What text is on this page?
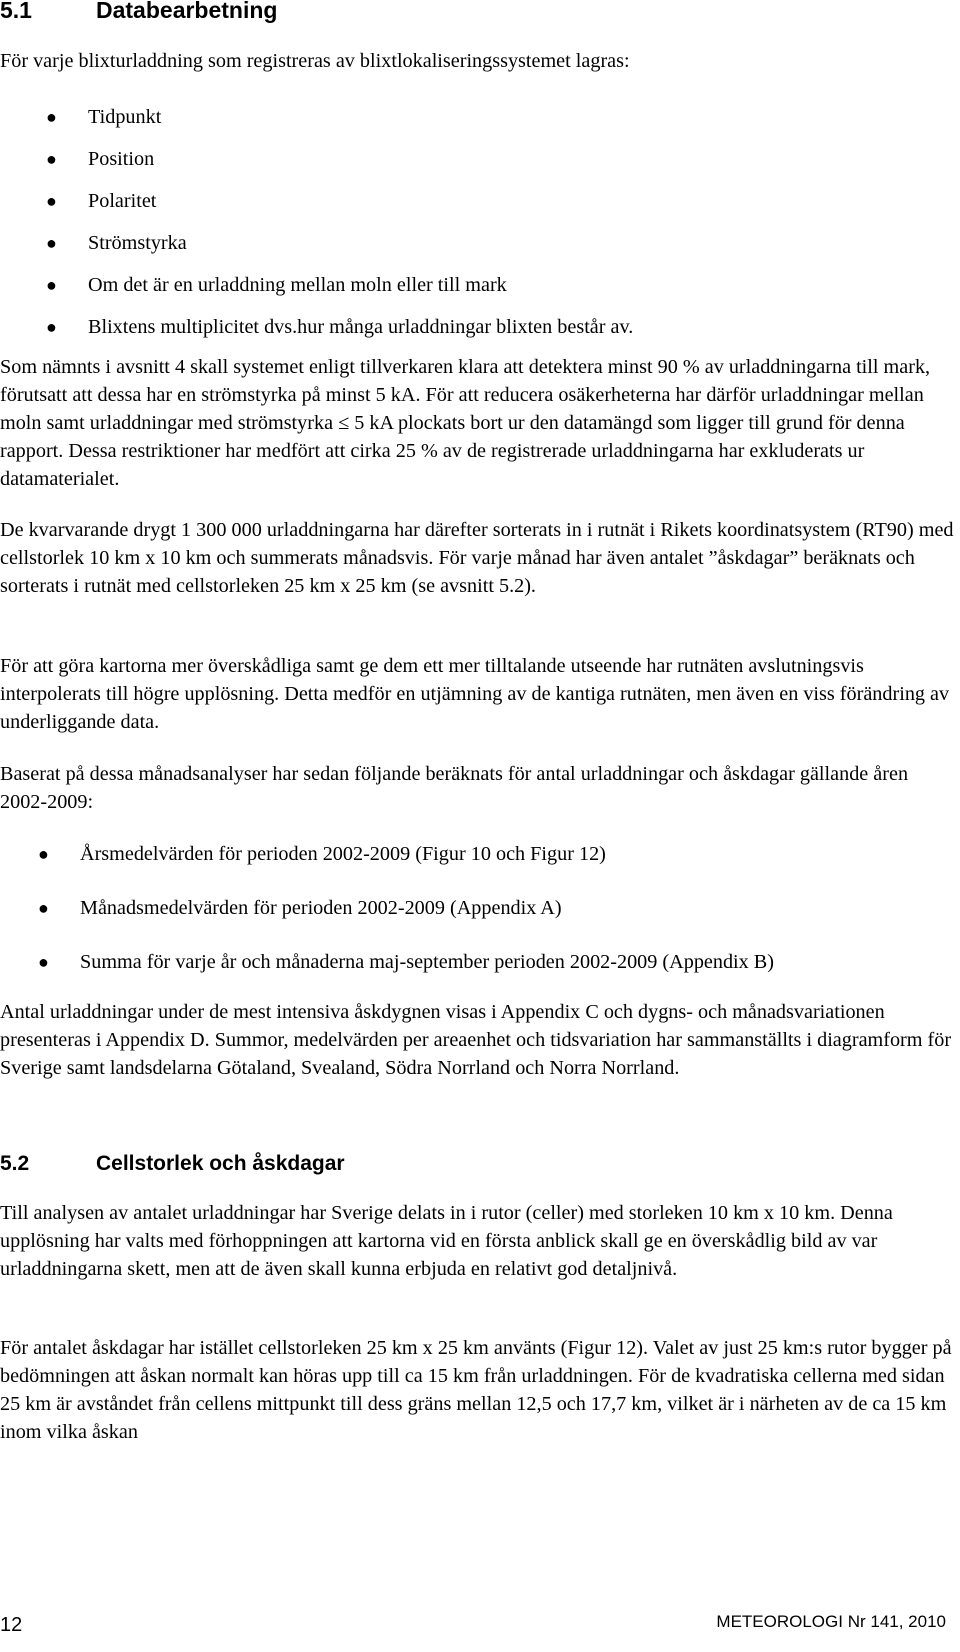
5.1	Databearbetning

För varje blixturladdning som registreras av blixtlokaliseringssystemet lagras:

● Tidpunkt
● Position
● Polaritet
● Strömstyrka
● Om det är en urladdning mellan moln eller till mark
● Blixtens multiplicitet dvs.hur många urladdningar blixten består av.

Som nämnts i avsnitt 4 skall systemet enligt tillverkaren klara att detektera minst 90 % av urladdningarna till mark, förutsatt att dessa har en strömstyrka på minst 5 kA. För att reducera osäkerheterna har därför urladdningar mellan moln samt urladdningar med strömstyrka ≤ 5 kA plockats bort ur den datamängd som ligger till grund för denna rapport. Dessa restriktioner har medfört att cirka 25 % av de registrerade urladdningarna har exkluderats ur datamaterialet.

De kvarvarande drygt 1 300 000 urladdningarna har därefter sorterats in i rutnät i Rikets koordinatsystem (RT90) med cellstorlek 10 km x 10 km och summerats månadsvis. För varje månad har även antalet ”åskdagar” beräknats och sorterats i rutnät med cellstorleken 25 km x 25 km (se avsnitt 5.2).

För att göra kartorna mer överskådliga samt ge dem ett mer tilltalande utseende har rutnäten avslutningsvis interpolerats till högre upplösning. Detta medför en utjämning av de kantiga rutnäten, men även en viss förändring av underliggande data.

Baserat på dessa månadsanalyser har sedan följande beräknats för antal urladdningar och åskdagar gällande åren 2002-2009:

● Årsmedelvärden för perioden 2002-2009 (Figur 10 och Figur 12)
● Månadsmedelvärden för perioden 2002-2009 (Appendix A)
● Summa för varje år och månaderna maj-september perioden 2002-2009 (Appendix B)

Antal urladdningar under de mest intensiva åskdygnen visas i Appendix C och dygns- och månadsvariationen presenteras i Appendix D. Summor, medelvärden per areaenhet och tidsvariation har sammanställts i diagramform för Sverige samt landsdelarna Götaland, Svealand, Södra Norrland och Norra Norrland.

5.2	Cellstorlek och åskdagar

Till analysen av antalet urladdningar har Sverige delats in i rutor (celler) med storleken 10 km x 10 km. Denna upplösning har valts med förhoppningen att kartorna vid en första anblick skall ge en överskådlig bild av var urladdningarna skett, men att de även skall kunna erbjuda en relativt god detaljnivå.

För antalet åskdagar har istället cellstorleken 25 km x 25 km använts (Figur 12). Valet av just 25 km:s rutor bygger på bedömningen att åskan normalt kan höras upp till ca 15 km från urladdningen. För de kvadratiska cellerna med sidan 25 km är avståndet från cellens mittpunkt till dess gräns mellan 12,5 och 17,7 km, vilket är i närheten av de ca 15 km inom vilka åskan

12	METEOROLOGI Nr 141, 2010
